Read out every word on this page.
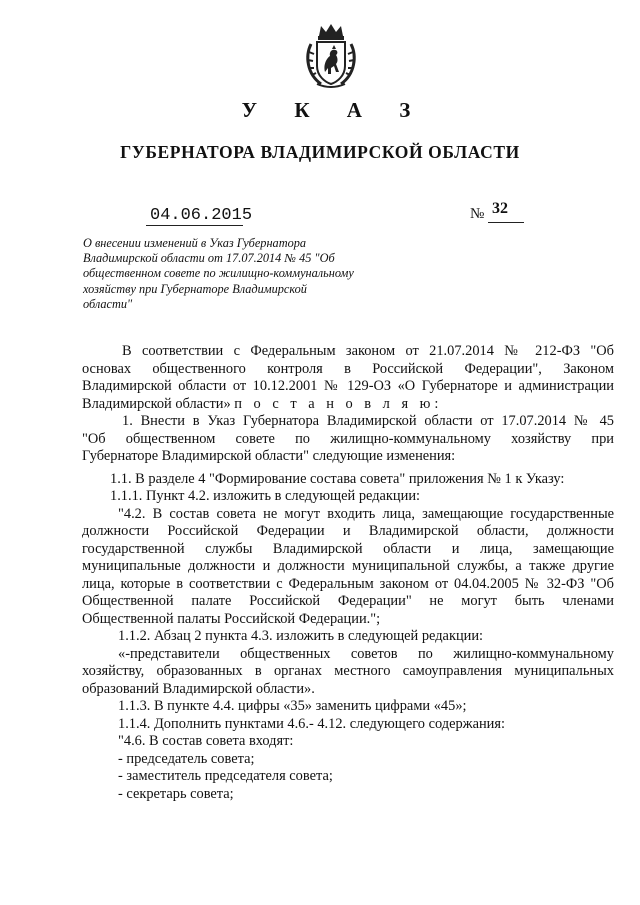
У К А З
ГУБЕРНАТОРА ВЛАДИМИРСКОЙ ОБЛАСТИ
04.06.2015	№ 32
О внесении изменений в Указ Губернатора Владимирской области от 17.07.2014 № 45 "Об общественном совете по жилищно-коммунальному хозяйству при Губернаторе Владимирской области"

В соответствии с Федеральным законом от 21.07.2014 № 212-ФЗ "Об

основах общественного контроля в Российской Федерации", Законом

Владимирской области от 10.12.2001 № 129-ОЗ «О Губернаторе и администрации

Владимирской области» п о с т а н о в л я ю:

1. Внести в Указ Губернатора Владимирской области от 17.07.2014 № 45

"Об общественном совете по жилищно-коммунальному хозяйству при

Губернаторе Владимирской области" следующие изменения:

1.1. В разделе 4 "Формирование состава совета" приложения № 1 к Указу:

1.1.1. Пункт 4.2. изложить в следующей редакции:

"4.2. В состав совета не могут входить лица, замещающие государственные

должности Российской Федерации и Владимирской области, должности

государственной службы Владимирской области и лица, замещающие

муниципальные должности и должности муниципальной службы, а также другие

лица, которые в соответствии с Федеральным законом от 04.04.2005 № 32-ФЗ "Об

Общественной палате Российской Федерации" не могут быть членами

Общественной палаты Российской Федерации.";

1.1.2. Абзац 2 пункта 4.3. изложить в следующей редакции:

«-представители общественных советов по жилищно-коммунальному

хозяйству, образованных в органах местного самоуправления муниципальных

образований Владимирской области».

1.1.3. В пункте 4.4. цифры «35» заменить цифрами «45»;

1.1.4. Дополнить пунктами 4.6.- 4.12. следующего содержания:

"4.6. В состав совета входят:

- председатель совета;

- заместитель председателя совета;

- секретарь совета;
